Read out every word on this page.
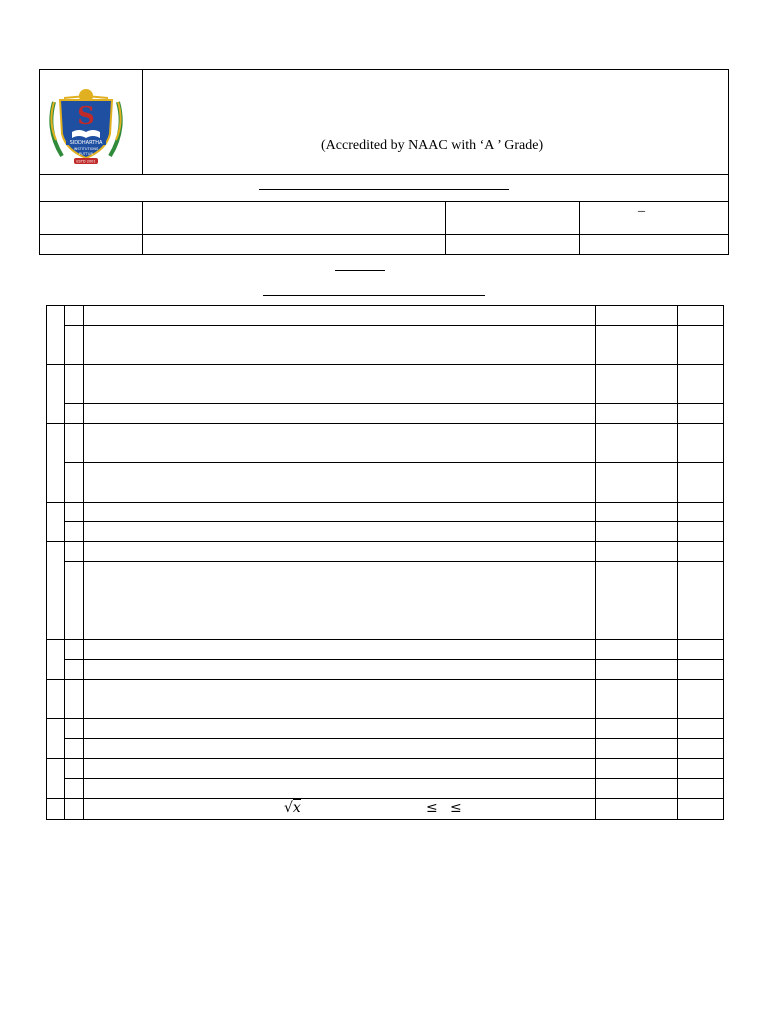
S
SIDDHARTHA
INSTITUTIONS
PUTTUR
ESTD 2001
(Accredited by NAAC with ‘A ’ Grade)
_
√x	≤ ≤
